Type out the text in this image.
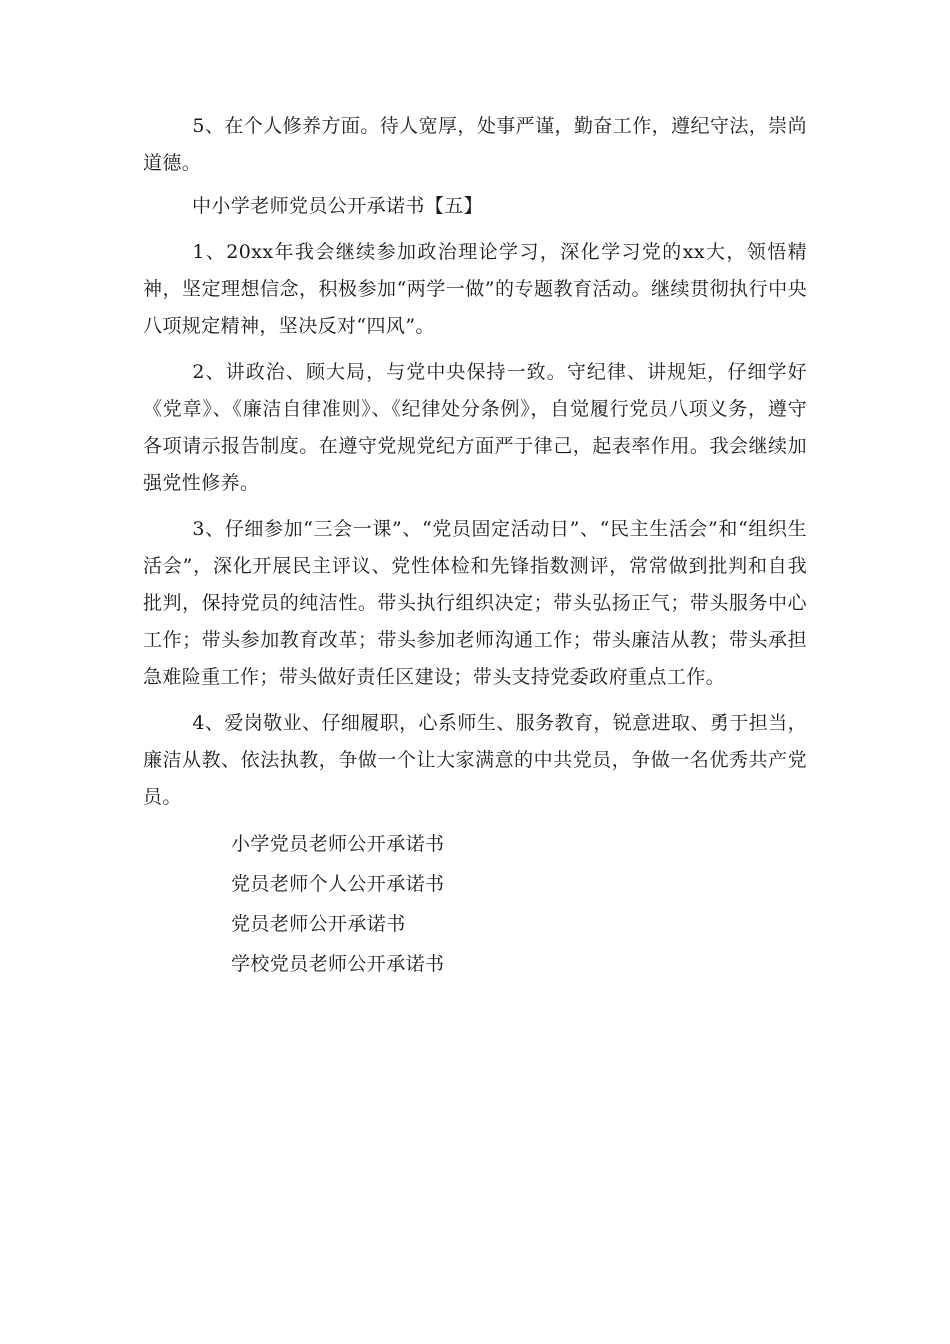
5、在个人修养方面。待人宽厚，处事严谨，勤奋工作，遵纪守法，崇尚道德。

中小学老师党员公开承诺书【五】

1、20xx年我会继续参加政治理论学习，深化学习党的xx大，领悟精神，坚定理想信念，积极参加“两学一做”的专题教育活动。继续贯彻执行中央八项规定精神，坚决反对“四风”。

2、讲政治、顾大局，与党中央保持一致。守纪律、讲规矩，仔细学好《党章》、《廉洁自律准则》、《纪律处分条例》，自觉履行党员八项义务，遵守各项请示报告制度。在遵守党规党纪方面严于律己，起表率作用。我会继续加强党性修养。

3、仔细参加“三会一课”、“党员固定活动日”、“民主生活会”和“组织生活会”，深化开展民主评议、党性体检和先锋指数测评，常常做到批判和自我批判，保持党员的纯洁性。带头执行组织决定；带头弘扬正气；带头服务中心工作；带头参加教育改革；带头参加老师沟通工作；带头廉洁从教；带头承担急难险重工作；带头做好责任区建设；带头支持党委政府重点工作。

4、爱岗敬业、仔细履职，心系师生、服务教育，锐意进取、勇于担当，廉洁从教、依法执教，争做一个让大家满意的中共党员，争做一名优秀共产党员。

小学党员老师公开承诺书

党员老师个人公开承诺书

党员老师公开承诺书

学校党员老师公开承诺书
